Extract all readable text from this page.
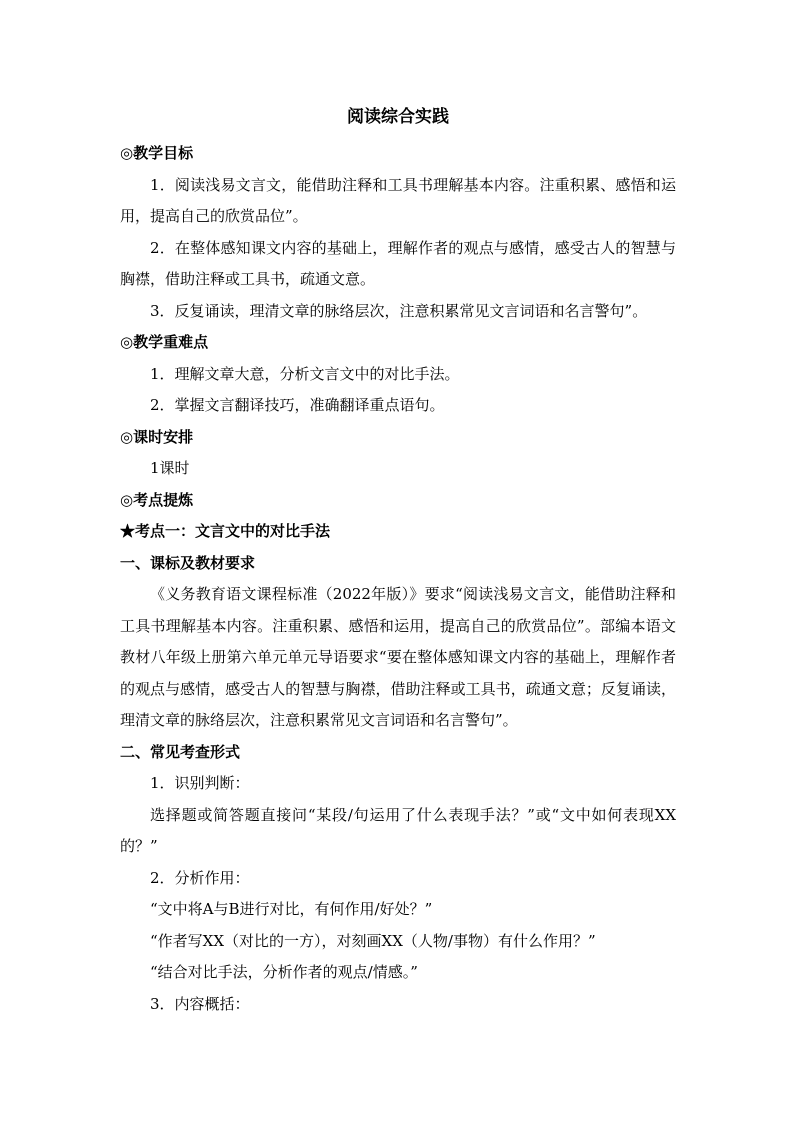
阅读综合实践

◎教学目标

1．阅读浅易文言文，能借助注释和工具书理解基本内容。注重积累、感悟和运用，提高自己的欣赏品位”。

2．在整体感知课文内容的基础上，理解作者的观点与感情，感受古人的智慧与胸襟，借助注释或工具书，疏通文意。

3．反复诵读，理清文章的脉络层次，注意积累常见文言词语和名言警句”。

◎教学重难点

1．理解文章大意，分析文言文中的对比手法。

2．掌握文言翻译技巧，准确翻译重点语句。

◎课时安排

1课时

◎考点提炼

★考点一：文言文中的对比手法

一、课标及教材要求

《义务教育语文课程标准（2022年版）》要求“阅读浅易文言文，能借助注释和工具书理解基本内容。注重积累、感悟和运用，提高自己的欣赏品位”。部编本语文教材八年级上册第六单元单元导语要求“要在整体感知课文内容的基础上，理解作者的观点与感情，感受古人的智慧与胸襟，借助注释或工具书，疏通文意；反复诵读，理清文章的脉络层次，注意积累常见文言词语和名言警句”。

二、常见考查形式

1．识别判断：

选择题或简答题直接问“某段/句运用了什么表现手法？”或“文中如何表现XX的？”

2．分析作用：

“文中将A与B进行对比，有何作用/好处？”

“作者写XX（对比的一方），对刻画XX（人物/事物）有什么作用？”

“结合对比手法，分析作者的观点/情感。”

3．内容概括：
